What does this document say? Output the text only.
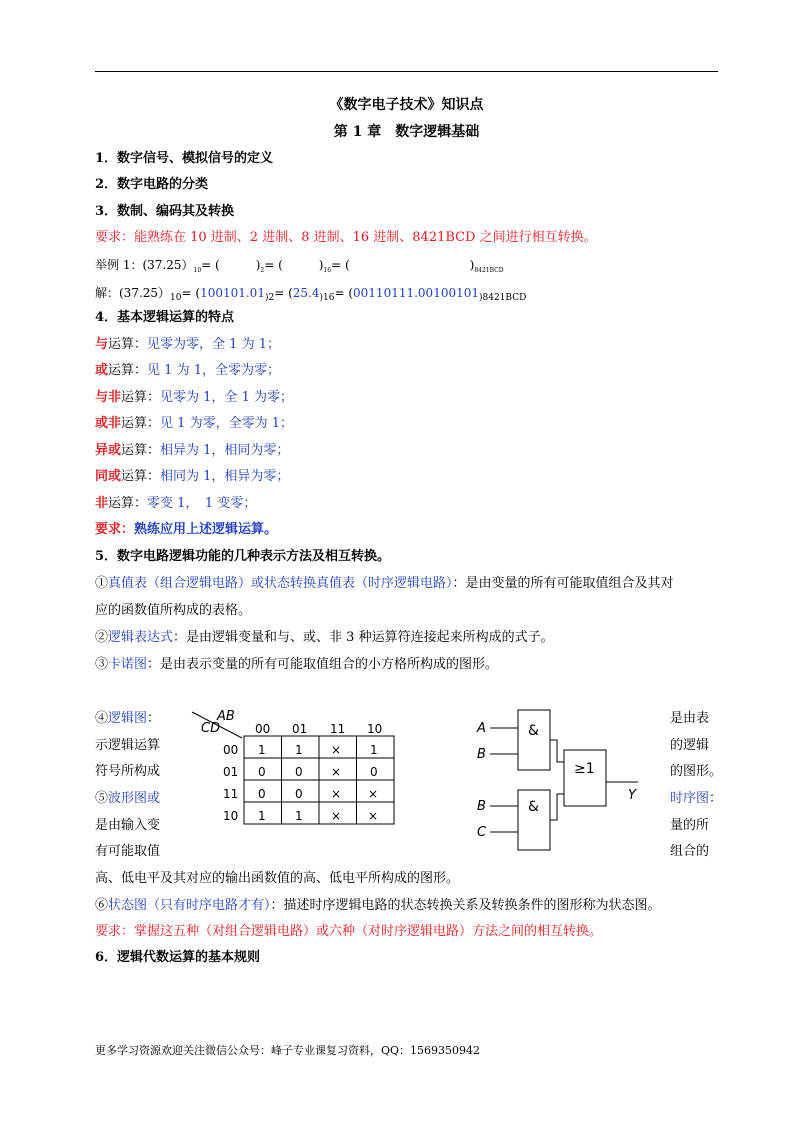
《数字电子技术》知识点
第 1 章　数字逻辑基础
1．数字信号、模拟信号的定义
2．数字电路的分类
3．数制、编码其及转换
要求：能熟练在 10 进制、2 进制、8 进制、16 进制、8421BCD 之间进行相互转换。
举例 1：$(37.25)_{10}=$ (　　　)$_2=$ (　　　)$_{16}=$ (　　　　　　　　　　)$_{8421BCD}$
解：$(37.25)_{10}= (100101.01_{)2}= (25.4_{)16}= (00110111.00100101_{)8421BCD}$
4．基本逻辑运算的特点
与运算：见零为零，全 1 为 1；
或运算：见 1 为 1，全零为零；
与非运算：见零为 1，全 1 为零；
或非运算：见 1 为零，全零为 1；
异或运算：相异为 1，相同为零；
同或运算：相同为 1，相异为零；
非运算：零变 1，　1 变零；
要求：熟练应用上述逻辑运算。
5．数字电路逻辑功能的几种表示方法及相互转换。
①真值表（组合逻辑电路）或状态转换真值表（时序逻辑电路）：是由变量的所有可能取值组合及其对
应的函数值所构成的表格。
②逻辑表达式：是由逻辑变量和与、或、非 3 种运算符连接起来所构成的式子。
③卡诺图：是由表示变量的所有可能取值组合的小方格所构成的图形。
④逻辑图：
示逻辑运算
符号所构成
⑤波形图或
是由输入变
有可能取值
是由表
的逻辑
的图形。
时序图：
量的所
组合的
AB
CD	00 01 11 10
00
01
11
10
1 1 × 1
0 0 × 0
0 0 × ×
1 1 × ×
A
B
B
C
&
&
≥1
Y
高、低电平及其对应的输出函数值的高、低电平所构成的图形。
⑥状态图（只有时序电路才有）：描述时序逻辑电路的状态转换关系及转换条件的图形称为状态图。
要求：掌握这五种（对组合逻辑电路）或六种（对时序逻辑电路）方法之间的相互转换。
6．逻辑代数运算的基本规则
更多学习资源欢迎关注微信公众号：峰子专业课复习资料，QQ：1569350942
